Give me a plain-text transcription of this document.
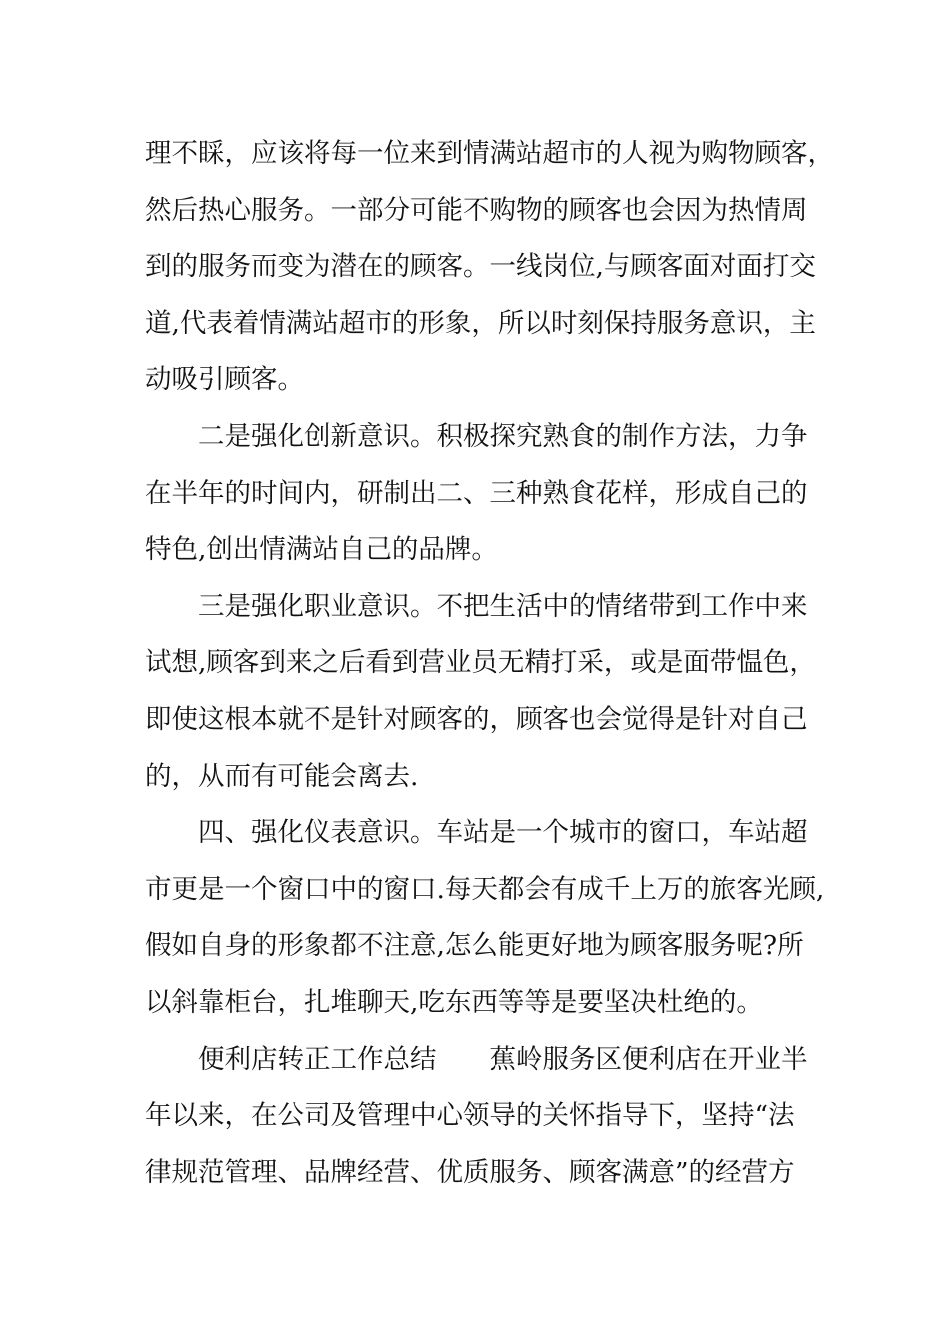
理不睬，应该将每一位来到情满站超市的人视为购物顾客，
然后热心服务。一部分可能不购物的顾客也会因为热情周
到的服务而变为潜在的顾客。一线岗位,与顾客面对面打交
道,代表着情满站超市的形象，所以时刻保持服务意识，主
动吸引顾客。
二是强化创新意识。积极探究熟食的制作方法，力争
在半年的时间内，研制出二、三种熟食花样，形成自己的
特色,创出情满站自己的品牌。
三是强化职业意识。不把生活中的情绪带到工作中来
试想,顾客到来之后看到营业员无精打采，或是面带愠色，
即使这根本就不是针对顾客的，顾客也会觉得是针对自己
的，从而有可能会离去.
四、强化仪表意识。车站是一个城市的窗口，车站超
市更是一个窗口中的窗口.每天都会有成千上万的旅客光顾,
假如自身的形象都不注意,怎么能更好地为顾客服务呢?所
以斜靠柜台，扎堆聊天,吃东西等等是要坚决杜绝的。
便利店转正工作总结　　蕉岭服务区便利店在开业半
年以来，在公司及管理中心领导的关怀指导下，坚持“法
律规范管理、品牌经营、优质服务、顾客满意”的经营方
